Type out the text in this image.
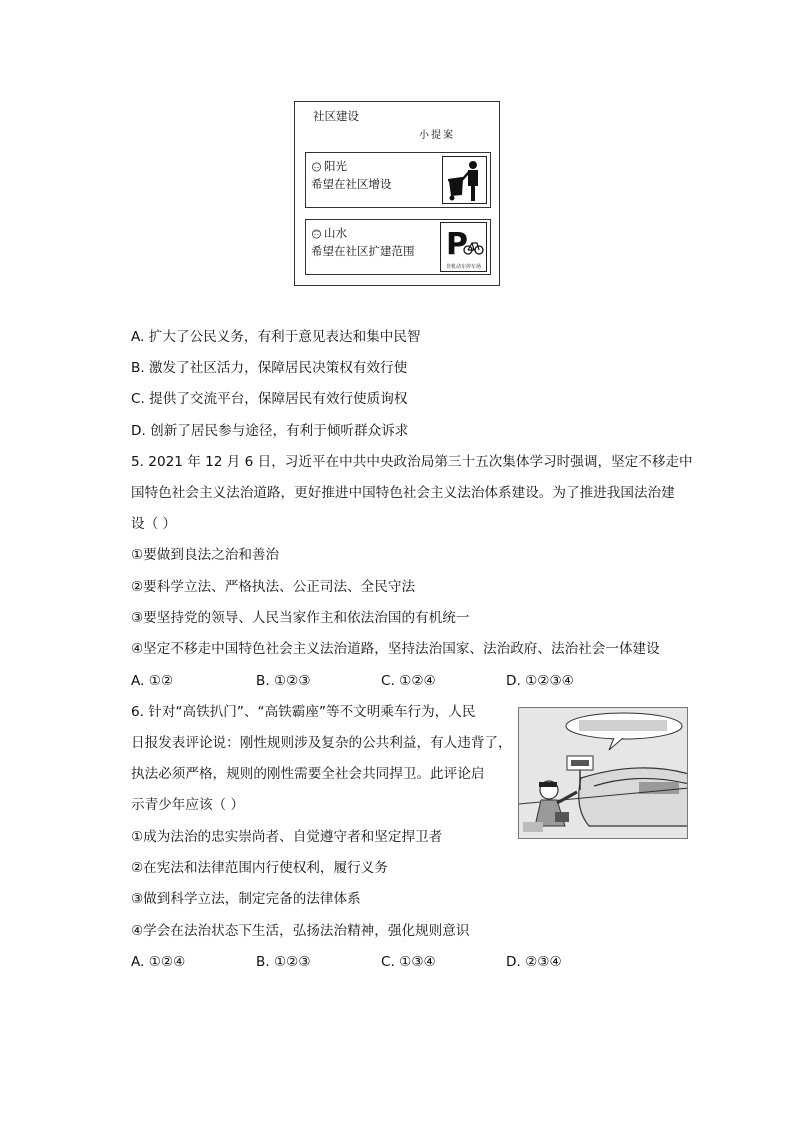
社区建设
小提案
阳光
希望在社区增设
山水
希望在社区扩建范围 P
非机动车停车场
A. 扩大了公民义务，有利于意见表达和集中民智
B. 激发了社区活力，保障居民决策权有效行使
C. 提供了交流平台，保障居民有效行使质询权
D. 创新了居民参与途径，有利于倾听群众诉求
5. 2021 年 12 月 6 日，习近平在中共中央政治局第三十五次集体学习时强调，坚定不移走中
国特色社会主义法治道路，更好推进中国特色社会主义法治体系建设。为了推进我国法治建
设（ ）
①要做到良法之治和善治
②要科学立法、严格执法、公正司法、全民守法
③要坚持党的领导、人民当家作主和依法治国的有机统一
④坚定不移走中国特色社会主义法治道路，坚持法治国家、法治政府、法治社会一体建设
A. ①②	B. ①②③	C. ①②④	D. ①②③④
6. 针对“高铁扒门”、“高铁霸座”等不文明乘车行为，人民
日报发表评论说：刚性规则涉及复杂的公共利益，有人违背了，
执法必须严格，规则的刚性需要全社会共同捍卫。此评论启
示青少年应该（ ）
①成为法治的忠实崇尚者、自觉遵守者和坚定捍卫者
②在宪法和法律范围内行使权利，履行义务
③做到科学立法，制定完备的法律体系
④学会在法治状态下生活，弘扬法治精神，强化规则意识
A. ①②④	B. ①②③	C. ①③④	D. ②③④
